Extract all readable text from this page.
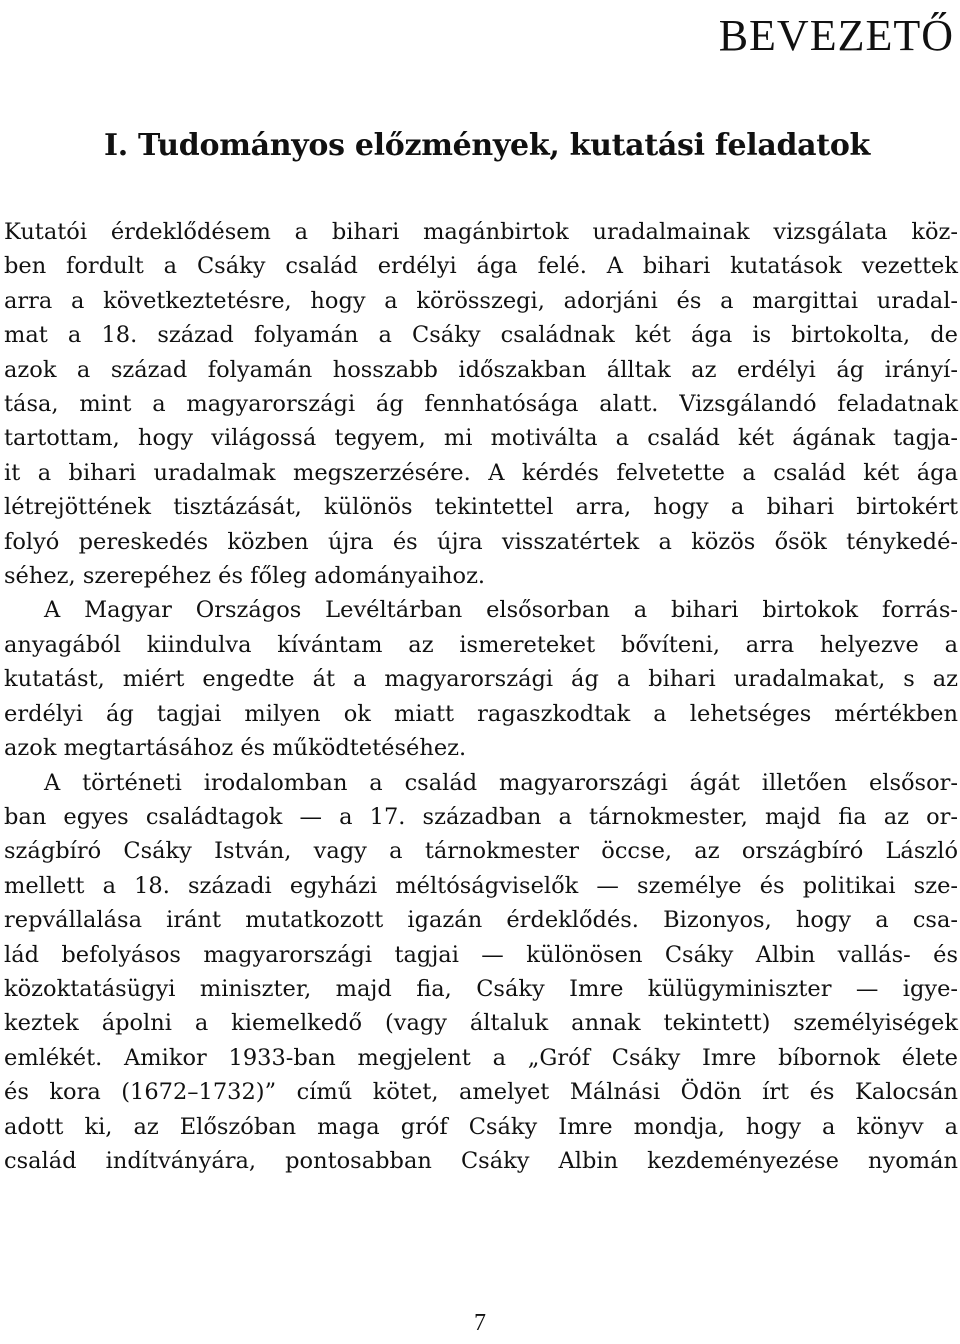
BEVEZETŐ
I. Tudományos előzmények, kutatási feladatok
Kutatói érdeklődésem a bihari magánbirtok uradalmainak vizsgálata köz-
ben fordult a Csáky család erdélyi ága felé. A bihari kutatások vezettek
arra a következtetésre, hogy a körösszegi, adorjáni és a margittai uradal-
mat a 18. század folyamán a Csáky családnak két ága is birtokolta, de
azok a század folyamán hosszabb időszakban álltak az erdélyi ág irányí-
tása, mint a magyarországi ág fennhatósága alatt. Vizsgálandó feladatnak
tartottam, hogy világossá tegyem, mi motiválta a család két ágának tagja-
it a bihari uradalmak megszerzésére. A kérdés felvetette a család két ága
létrejöttének tisztázását, különös tekintettel arra, hogy a bihari birtokért
folyó pereskedés közben újra és újra visszatértek a közös ősök ténykedé-
séhez, szerepéhez és főleg adományaihoz.
A Magyar Országos Levéltárban elsősorban a bihari birtokok forrás-
anyagából kiindulva kívántam az ismereteket bővíteni, arra helyezve a
kutatást, miért engedte át a magyarországi ág a bihari uradalmakat, s az
erdélyi ág tagjai milyen ok miatt ragaszkodtak a lehetséges mértékben
azok megtartásához és működtetéséhez.
A történeti irodalomban a család magyarországi ágát illetően elsősor-
ban egyes családtagok — a 17. században a tárnokmester, majd fia az or-
szágbíró Csáky István, vagy a tárnokmester öccse, az országbíró László
mellett a 18. századi egyházi méltóságviselők — személye és politikai sze-
repvállalása iránt mutatkozott igazán érdeklődés. Bizonyos, hogy a csa-
lád befolyásos magyarországi tagjai — különösen Csáky Albin vallás- és
közoktatásügyi miniszter, majd fia, Csáky Imre külügyminiszter — igye-
keztek ápolni a kiemelkedő (vagy általuk annak tekintett) személyiségek
emlékét. Amikor 1933-ban megjelent a „Gróf Csáky Imre bíbornok élete
és kora (1672–1732)” című kötet, amelyet Málnási Ödön írt és Kalocsán
adott ki, az Előszóban maga gróf Csáky Imre mondja, hogy a könyv a
család indítványára, pontosabban Csáky Albin kezdeményezése nyomán
7
